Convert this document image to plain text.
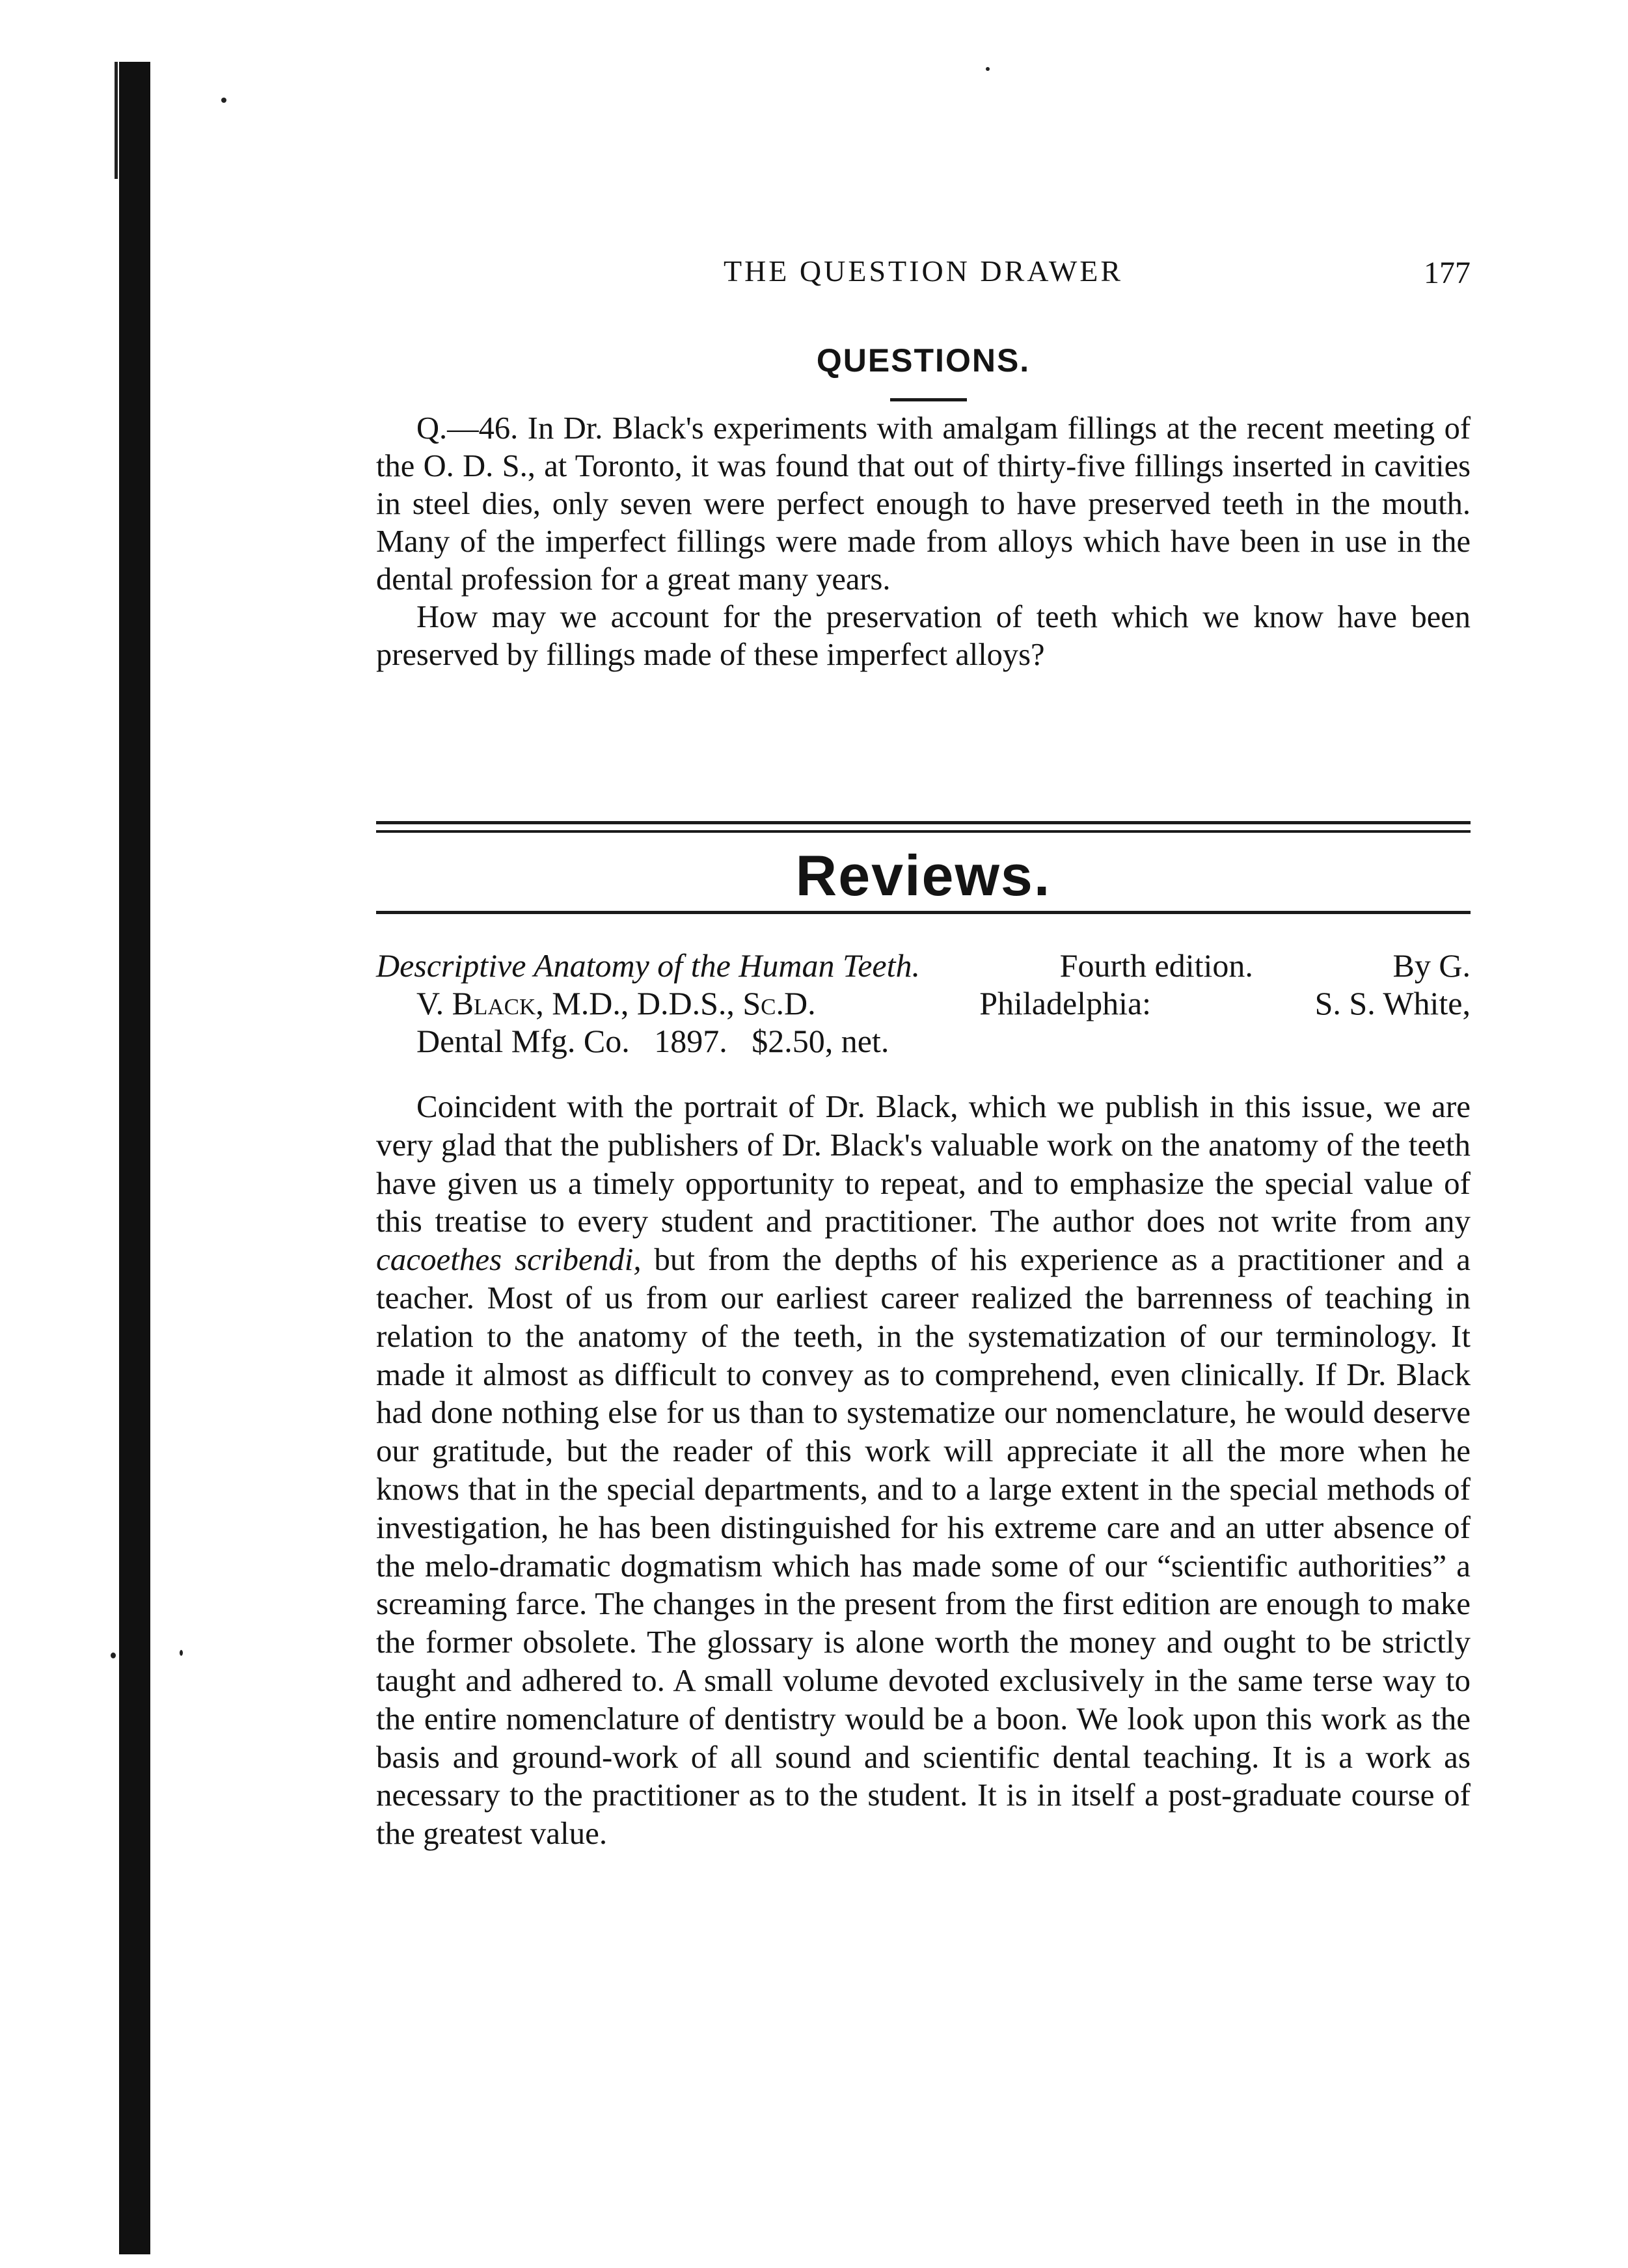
THE QUESTION DRAWER	177
QUESTIONS.

Q.—46. In Dr. Black's experiments with amalgam fillings at the recent meeting of the O. D. S., at Toronto, it was found that out of thirty-five fillings inserted in cavities in steel dies, only seven were perfect enough to have preserved teeth in the mouth. Many of the imperfect fillings were made from alloys which have been in use in the dental profession for a great many years.

How may we account for the preservation of teeth which we know have been preserved by fillings made of these imperfect alloys?

Reviews.
Descriptive Anatomy of the Human Teeth.	Fourth edition.	By G.
V. Black, M.D., D.D.S., Sc.D.	Philadelphia:	S. S. White,
Dental Mfg. Co. 1897. $2.50, net.

Coincident with the portrait of Dr. Black, which we publish in this issue, we are very glad that the publishers of Dr. Black's valuable work on the anatomy of the teeth have given us a timely opportunity to repeat, and to emphasize the special value of this treatise to every student and practitioner. The author does not write from any cacoethes scribendi, but from the depths of his experience as a practitioner and a teacher. Most of us from our earliest career realized the barrenness of teaching in relation to the anatomy of the teeth, in the systematization of our terminology. It made it almost as difficult to convey as to comprehend, even clinically. If Dr. Black had done nothing else for us than to systematize our nomenclature, he would deserve our gratitude, but the reader of this work will appreciate it all the more when he knows that in the special departments, and to a large extent in the special methods of investigation, he has been distinguished for his extreme care and an utter absence of the melo-dramatic dogmatism which has made some of our “scientific authorities” a screaming farce. The changes in the present from the first edition are enough to make the former obsolete. The glossary is alone worth the money and ought to be strictly taught and adhered to. A small volume devoted exclusively in the same terse way to the entire nomenclature of dentistry would be a boon. We look upon this work as the basis and ground-work of all sound and scientific dental teaching. It is a work as necessary to the practitioner as to the student. It is in itself a post-graduate course of the greatest value.
